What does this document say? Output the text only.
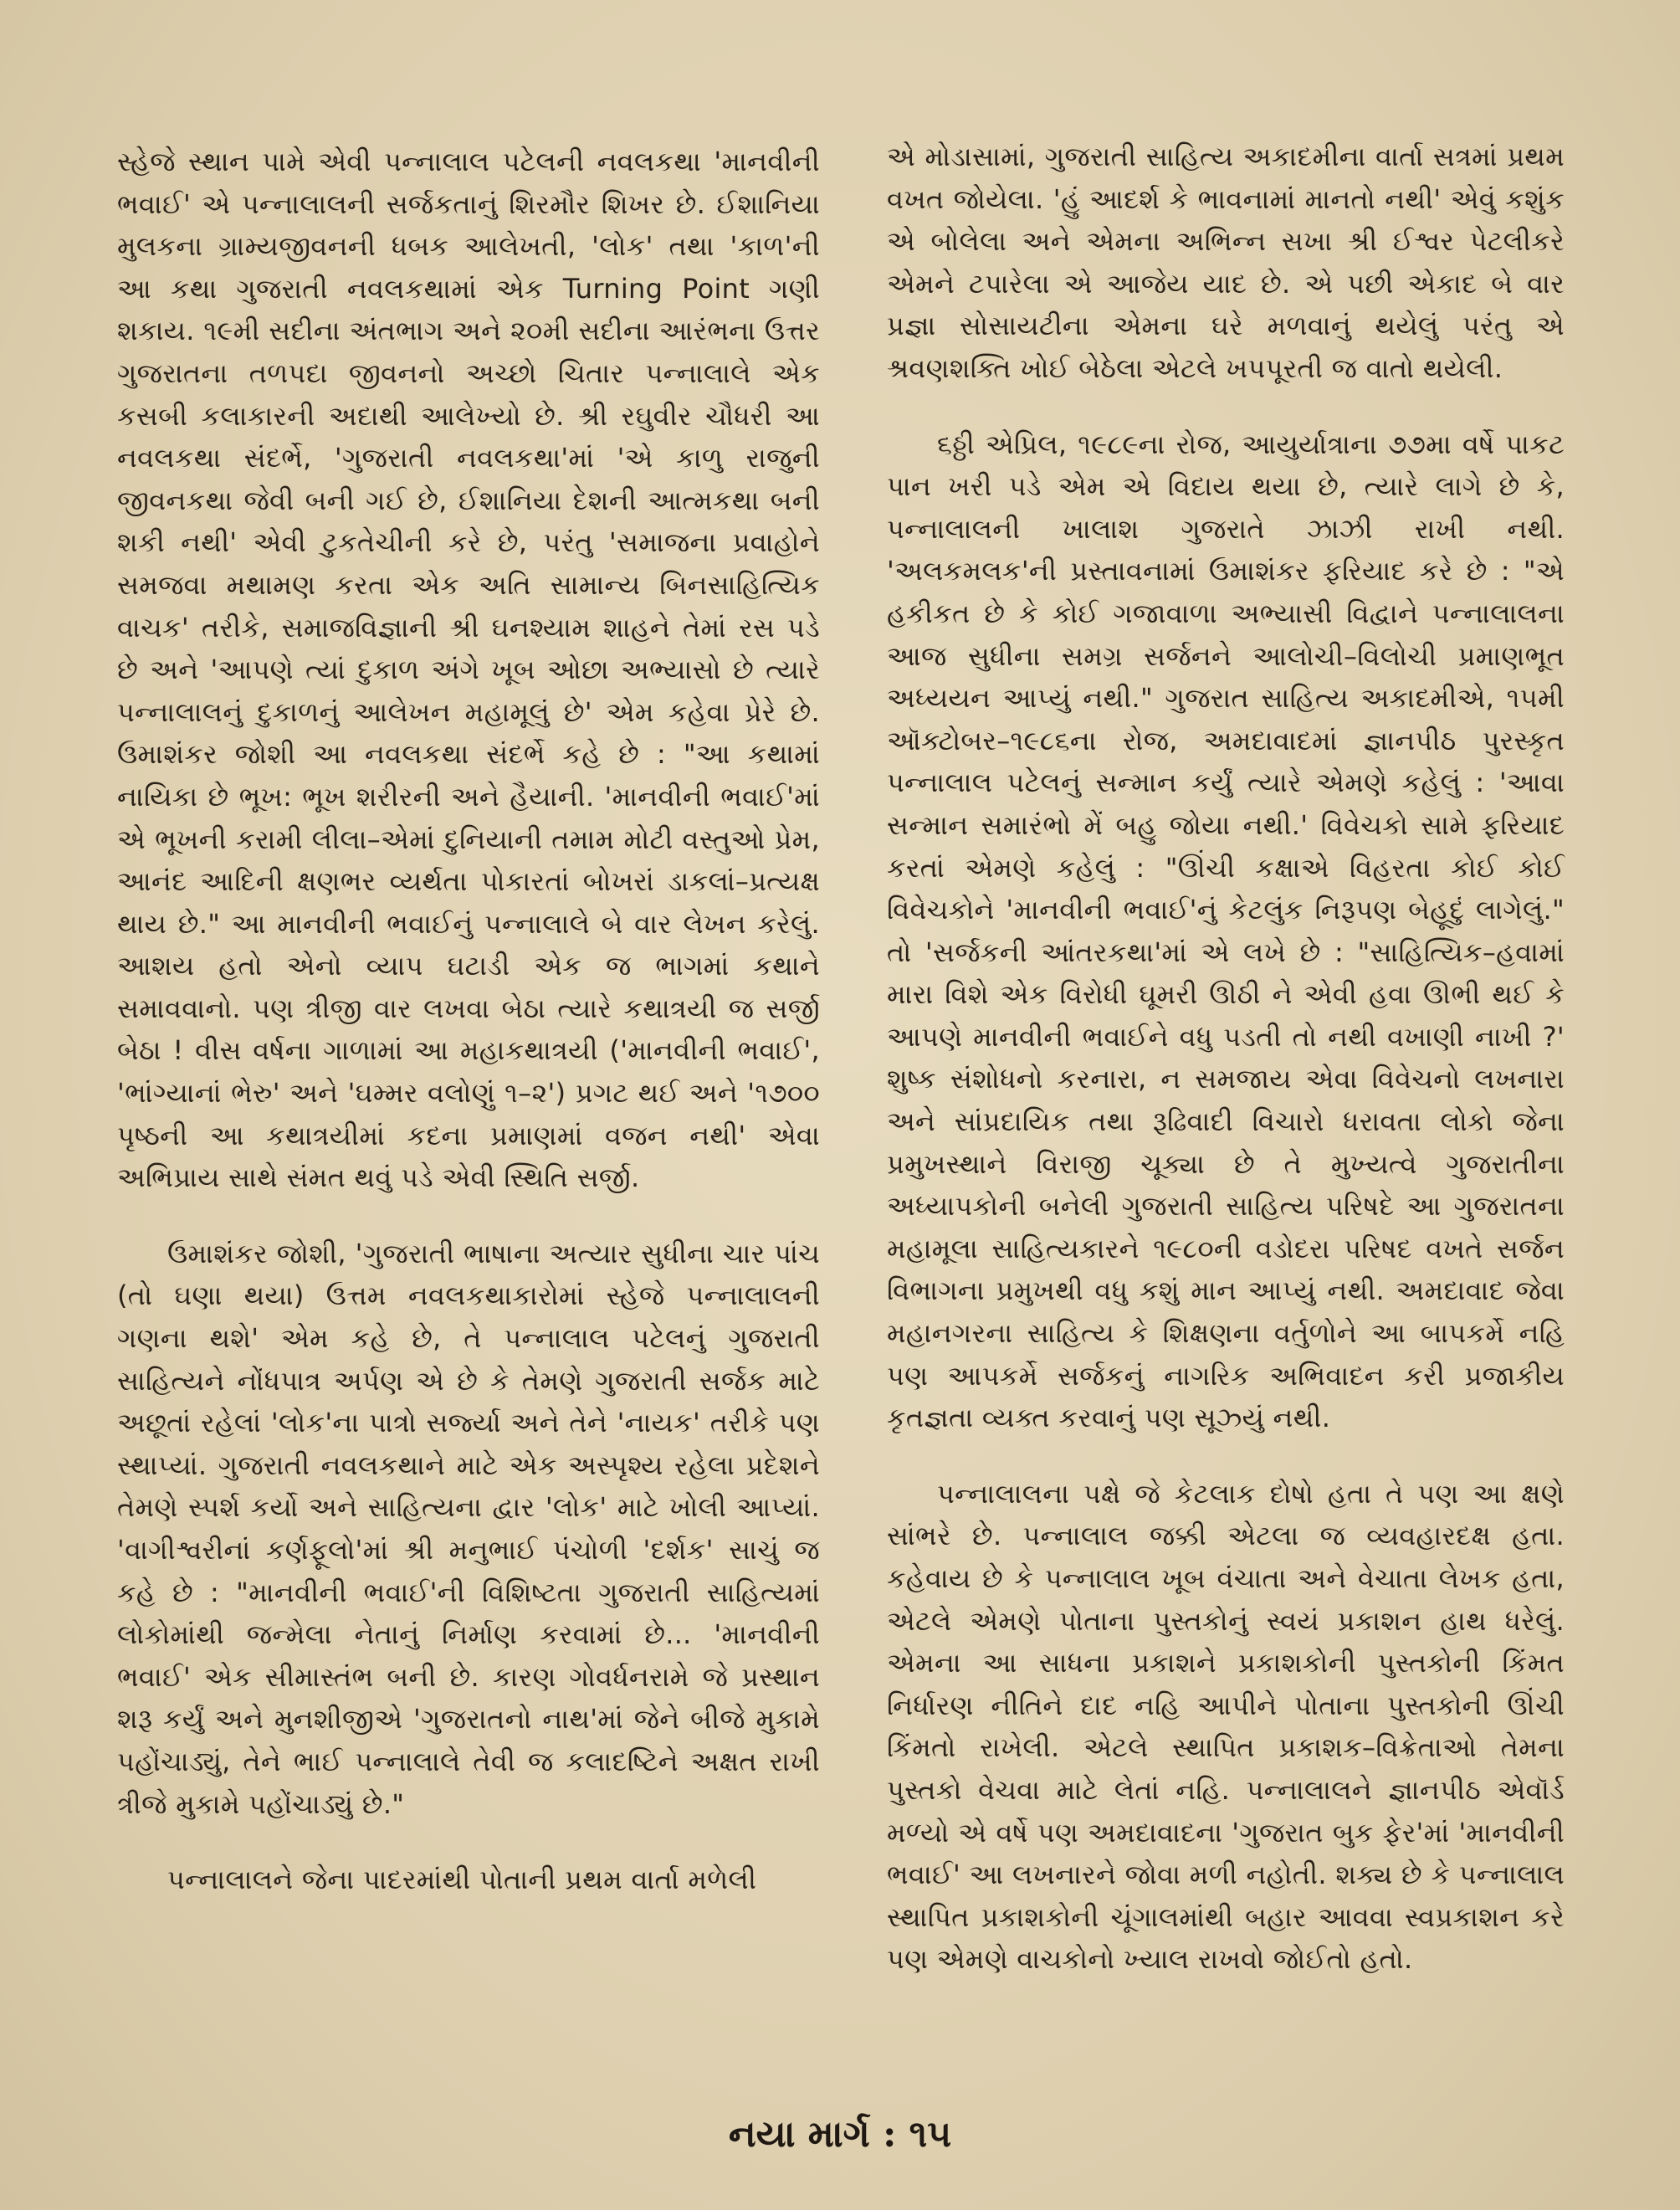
સ્હેજે સ્થાન પામે એવી પન્નાલાલ પટેલની નવલકથા 'માનવીની ભવાઈ' એ પન્નાલાલની સર્જકતાનું શિરમૌર શિખર છે. ઈશાનિયા મુલકના ગ્રામ્યજીવનની ધબક આલેખતી, 'લોક' તથા 'કાળ'ની આ કથા ગુજરાતી નવલકથામાં એક Turning Point ગણી શકાય. ૧૯મી સદીના અંતભાગ અને ૨૦મી સદીના આરંભના ઉત્તર ગુજરાતના તળપદા જીવનનો અચ્છો ચિતાર પન્નાલાલે એક કસબી કલાકારની અદાથી આલેખ્યો છે. શ્રી રઘુવીર ચૌધરી આ નવલકથા સંદર્ભે, 'ગુજરાતી નવલકથા'માં 'એ કાળુ રાજુની જીવનકથા જેવી બની ગઈ છે, ઈશાનિયા દેશની આત્મકથા બની શકી નથી' એવી ટુકતેચીની કરે છે, પરંતુ 'સમાજના પ્રવાહોને સમજવા મથામણ કરતા એક અતિ સામાન્ય બિનસાહિત્યિક વાચક' તરીકે, સમાજવિજ્ઞાની શ્રી ઘનશ્યામ શાહને તેમાં રસ પડે છે અને 'આપણે ત્યાં દુકાળ અંગે ખૂબ ઓછા અભ્યાસો છે ત્યારે પન્નાલાલનું દુકાળનું આલેખન મહામૂલું છે' એમ કહેવા પ્રેરે છે. ઉમાશંકર જોશી આ નવલકથા સંદર્ભે કહે છે : "આ કથામાં નાયિકા છે ભૂખ: ભૂખ શરીરની અને હૈયાની. 'માનવીની ભવાઈ'માં એ ભૂખની કરામી લીલા–એમાં દુનિયાની તમામ મોટી વસ્તુઓ પ્રેમ, આનંદ આદિની ક્ષણભર વ્યર્થતા પોકારતાં બોખરાં ડાકલાં–પ્રત્યક્ષ થાય છે." આ માનવીની ભવાઈનું પન્નાલાલે બે વાર લેખન કરેલું. આશય હતો એનો વ્યાપ ઘટાડી એક જ ભાગમાં કથાને સમાવવાનો. પણ ત્રીજી વાર લખવા બેઠા ત્યારે કથાત્રયી જ સર્જી બેઠા ! વીસ વર્ષના ગાળામાં આ મહાકથાત્રયી ('માનવીની ભવાઈ', 'ભાંગ્યાનાં ભેરુ' અને 'ઘમ્મર વલોણું ૧–૨') પ્રગટ થઈ અને '૧૭૦૦ પૃષ્ઠની આ કથાત્રયીમાં કદના પ્રમાણમાં વજન નથી' એવા અભિપ્રાય સાથે સંમત થવું પડે એવી સ્થિતિ સર્જી.

ઉમાશંકર જોશી, 'ગુજરાતી ભાષાના અત્યાર સુધીના ચાર પાંચ (તો ઘણા થયા) ઉત્તમ નવલકથાકારોમાં સ્હેજે પન્નાલાલની ગણના થશે' એમ કહે છે, તે પન્નાલાલ પટેલનું ગુજરાતી સાહિત્યને નોંધપાત્ર અર્પણ એ છે કે તેમણે ગુજરાતી સર્જક માટે અછૂતાં રહેલાં 'લોક'ના પાત્રો સર્જ્યા અને તેને 'નાયક' તરીકે પણ સ્થાપ્યાં. ગુજરાતી નવલકથાને માટે એક અસ્પૃશ્ય રહેલા પ્રદેશને તેમણે સ્પર્શ કર્યો અને સાહિત્યના દ્વાર 'લોક' માટે ખોલી આપ્યાં. 'વાગીશ્વરીનાં કર્ણફૂલો'માં શ્રી મનુભાઈ પંચોળી 'દર્શક' સાચું જ કહે છે : "માનવીની ભવાઈ'ની વિશિષ્ટતા ગુજરાતી સાહિત્યમાં લોકોમાંથી જન્મેલા નેતાનું નિર્માણ કરવામાં છે... 'માનવીની ભવાઈ' એક સીમાસ્તંભ બની છે. કારણ ગોવર્ધનરામે જે પ્રસ્થાન શરૂ કર્યું અને મુનશીજીએ 'ગુજરાતનો નાથ'માં જેને બીજે મુકામે પહોંચાડ્યું, તેને ભાઈ પન્નાલાલે તેવી જ કલાદષ્ટિને અક્ષત રાખી ત્રીજે મુકામે પહોંચાડ્યું છે."

પન્નાલાલને જેના પાદરમાંથી પોતાની પ્રથમ વાર્તા મળેલી

એ મોડાસામાં, ગુજરાતી સાહિત્ય અકાદમીના વાર્તા સત્રમાં પ્રથમ વખત જોયેલા. 'હું આદર્શ કે ભાવનામાં માનતો નથી' એવું કશુંક એ બોલેલા અને એમના અભિન્ન સખા શ્રી ઈશ્વર પેટલીકરે એમને ટપારેલા એ આજેય યાદ છે. એ પછી એકાદ બે વાર પ્રજ્ઞા સોસાયટીના એમના ઘરે મળવાનું થયેલું પરંતુ એ શ્રવણશક્તિ ખોઈ બેઠેલા એટલે ખપપૂરતી જ વાતો થયેલી.

૬ઠ્ઠી એપ્રિલ, ૧૯૮૯ના રોજ, આયુર્યાત્રાના ૭૭મા વર્ષે પાકટ પાન ખરી પડે એમ એ વિદાય થયા છે, ત્યારે લાગે છે કે, પન્નાલાલની ખાલાશ ગુજરાતે ઝાઝી રાખી નથી. 'અલકમલક'ની પ્રસ્તાવનામાં ઉમાશંકર ફરિયાદ કરે છે : "એ હકીકત છે કે કોઈ ગજાવાળા અભ્યાસી વિદ્વાને પન્નાલાલના આજ સુધીના સમગ્ર સર્જનને આલોચી–વિલોચી પ્રમાણભૂત અધ્યયન આપ્યું નથી." ગુજરાત સાહિત્ય અકાદમીએ, ૧૫મી ઑક્ટોબર–૧૯૮૬ના રોજ, અમદાવાદમાં જ્ઞાનપીઠ પુરસ્કૃત પન્નાલાલ પટેલનું સન્માન કર્યું ત્યારે એમણે કહેલું : 'આવા સન્માન સમારંભો મેં બહુ જોયા નથી.' વિવેચકો સામે ફરિયાદ કરતાં એમણે કહેલું : "ઊંચી કક્ષાએ વિહરતા કોઈ કોઈ વિવેચકોને 'માનવીની ભવાઈ'નું કેટલુંક નિરૂપણ બેહૂદું લાગેલું." તો 'સર્જકની આંતરકથા'માં એ લખે છે : "સાહિત્યિક–હવામાં મારા વિશે એક વિરોધી ઘૂમરી ઊઠી ને એવી હવા ઊભી થઈ કે આપણે માનવીની ભવાઈને વધુ પડતી તો નથી વખાણી નાખી ?' શુષ્ક સંશોધનો કરનારા, ન સમજાય એવા વિવેચનો લખનારા અને સાંપ્રદાયિક તથા રૂઢિવાદી વિચારો ધરાવતા લોકો જેના પ્રમુખસ્થાને વિરાજી ચૂક્યા છે તે મુખ્યત્વે ગુજરાતીના અધ્યાપકોની બનેલી ગુજરાતી સાહિત્ય પરિષદે આ ગુજરાતના મહામૂલા સાહિત્યકારને ૧૯૮૦ની વડોદરા પરિષદ વખતે સર્જન વિભાગના પ્રમુખથી વધુ કશું માન આપ્યું નથી. અમદાવાદ જેવા મહાનગરના સાહિત્ય કે શિક્ષણના વર્તુળોને આ બાપકર્મે નહિ પણ આપકર્મે સર્જકનું નાગરિક અભિવાદન કરી પ્રજાકીય કૃતજ્ઞતા વ્યક્ત કરવાનું પણ સૂઝ્યું નથી.

પન્નાલાલના પક્ષે જે કેટલાક દોષો હતા તે પણ આ ક્ષણે સાંભરે છે. પન્નાલાલ જક્કી એટલા જ વ્યવહારદક્ષ હતા. કહેવાય છે કે પન્નાલાલ ખૂબ વંચાતા અને વેચાતા લેખક હતા, એટલે એમણે પોતાના પુસ્તકોનું સ્વયં પ્રકાશન હાથ ધરેલું. એમના આ સાધના પ્રકાશને પ્રકાશકોની પુસ્તકોની કિંમત નિર્ધારણ નીતિને દાદ નહિ આપીને પોતાના પુસ્તકોની ઊંચી કિંમતો રાખેલી. એટલે સ્થાપિત પ્રકાશક–વિક્રેતાઓ તેમના પુસ્તકો વેચવા માટે લેતાં નહિ. પન્નાલાલને જ્ઞાનપીઠ એવૉર્ડ મળ્યો એ વર્ષે પણ અમદાવાદના 'ગુજરાત બુક ફેર'માં 'માનવીની ભવાઈ' આ લખનારને જોવા મળી નહોતી. શક્ય છે કે પન્નાલાલ સ્થાપિત પ્રકાશકોની ચૂંગાલમાંથી બહાર આવવા સ્વપ્રકાશન કરે પણ એમણે વાચકોનો ખ્યાલ રાખવો જોઈતો હતો.

નયા માર્ગ : ૧૫
